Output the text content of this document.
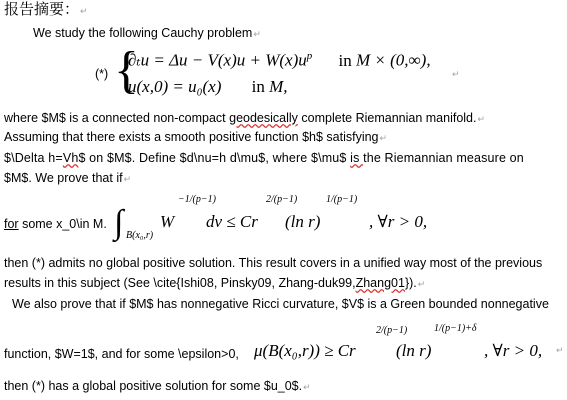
报告摘要：↵
We study the following Cauchy problem↵
(*) {
$\partial_tu = \Delta u - V(x)u + W(x)u^p$ in M × (0,∞),
u(x,0) = u₀(x) in M,
↵
where $M$ is a connected non-compact geodesically complete Riemannian manifold.↵
Assuming that there exists a smooth positive function $h$ satisfying↵
$\Delta h=Vh$ on $M$. Define $d\nu=h d\mu$, where $\mu$ is the Riemannian measure on
$M$. We prove that if↵
for some x_0\in M. ∫ B(x₀,r)
W
−1/(p−1)
dν ≤ Cr
2/(p−1)
(ln r)
1/(p−1)
, ∀r > 0,
then (*) admits no global positive solution. This result covers in a unified way most of the previous
results in this subject (See \cite{Ishi08, Pinsky09, Zhang-duk99,Zhang01}).↵
We also prove that if $M$ has nonnegative Ricci curvature, $V$ is a Green bounded nonnegative
function, $W=1$, and for some \epsilon>0, μ(B(x₀,r)) ≥ Cr
2/(p−1)
(ln r)
1/(p−1)+δ
, ∀r > 0, ↵
then (*) has a global positive solution for some $u_0$.↵
